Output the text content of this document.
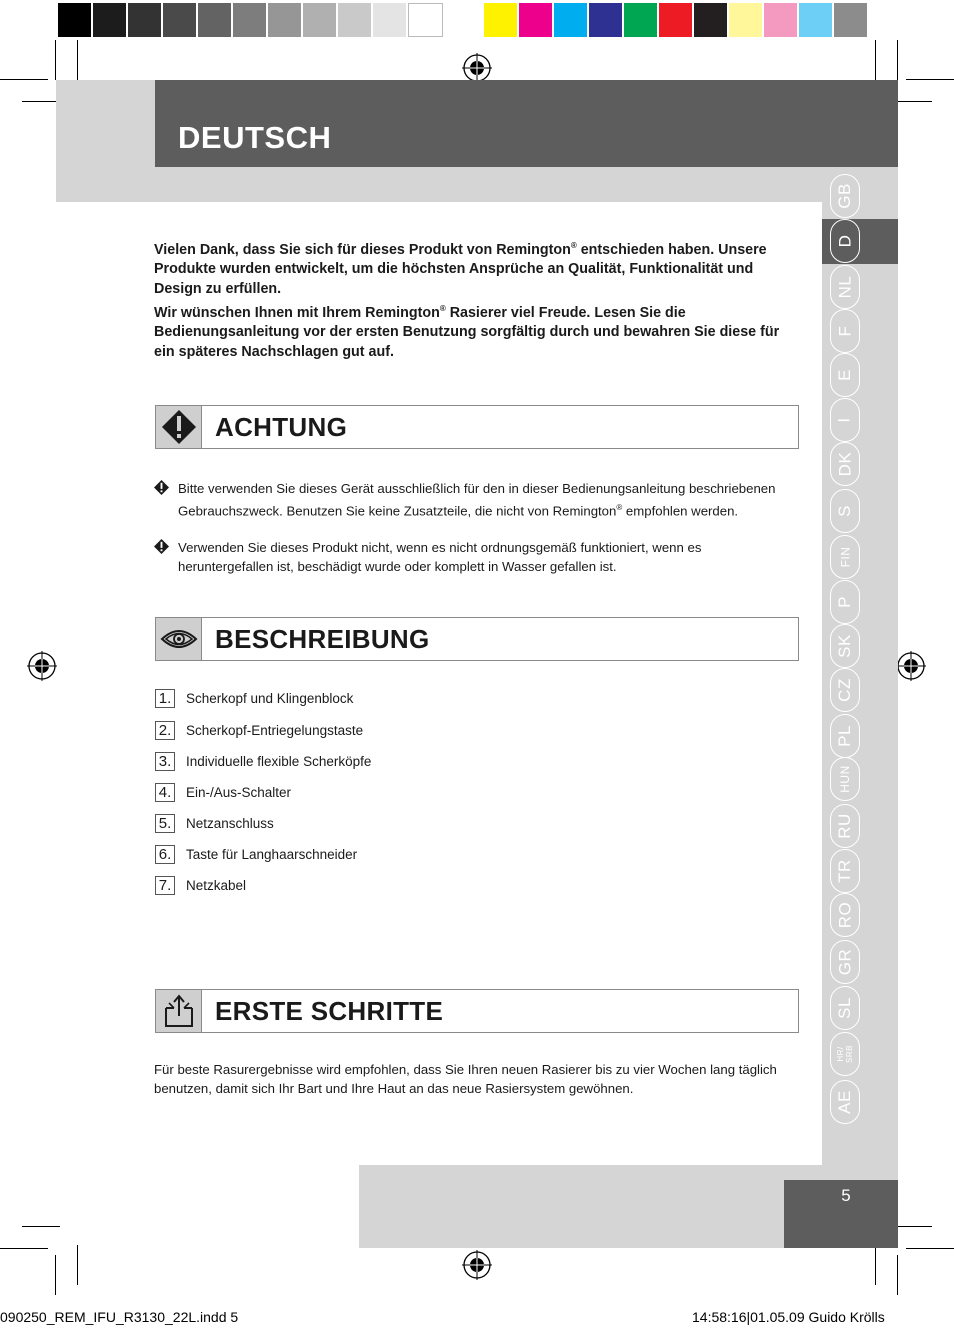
DEUTSCH
GB
D
NL
F
E
I
DK
S
FIN
P
SK
CZ
PL
HUN
RU
TR
RO
GR
SL
HR/
SRB
AE
Vielen Dank, dass Sie sich für dieses Produkt von Remington® entschieden haben. Unsere Produkte wurden entwickelt, um die höchsten Ansprüche an Qualität, Funktionalität und Design zu erfüllen.
Wir wünschen Ihnen mit Ihrem Remington® Rasierer viel Freude. Lesen Sie die Bedienungsanleitung vor der ersten Benutzung sorgfältig durch und bewahren Sie diese für ein späteres Nachschlagen gut auf.
ACHTUNG
Bitte verwenden Sie dieses Gerät ausschließlich für den in dieser Bedienungsanleitung beschriebenen Gebrauchszweck. Benutzen Sie keine Zusatzteile, die nicht von Remington® empfohlen werden.
Verwenden Sie dieses Produkt nicht, wenn es nicht ordnungsgemäß funktioniert, wenn es heruntergefallen ist, beschädigt wurde oder komplett in Wasser gefallen ist.
BESCHREIBUNG
1. Scherkopf und Klingenblock
2. Scherkopf-Entriegelungstaste
3. Individuelle flexible Scherköpfe
4. Ein-/Aus-Schalter
5. Netzanschluss
6. Taste für Langhaarschneider
7. Netzkabel
ERSTE SCHRITTE
Für beste Rasurergebnisse wird empfohlen, dass Sie Ihren neuen Rasierer bis zu vier Wochen lang täglich benutzen, damit sich Ihr Bart und Ihre Haut an das neue Rasiersystem gewöhnen.
5
090250_REM_IFU_R3130_22L.indd 5	14:58:16|01.05.09 Guido Krölls
